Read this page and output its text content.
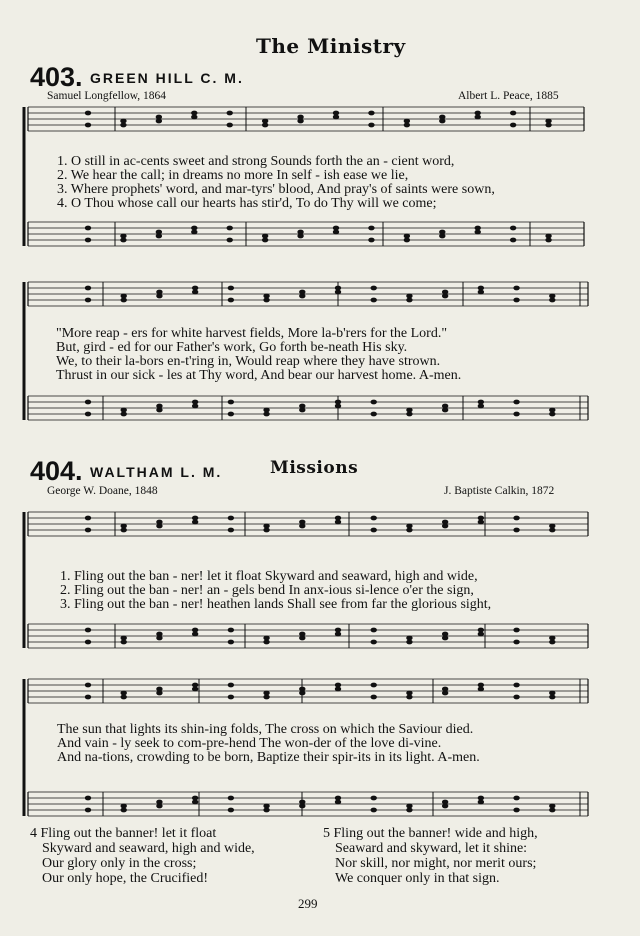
The Ministry
403. GREEN HILL C. M.
Samuel Longfellow, 1864	Albert L. Peace, 1885
1. O still in ac-cents sweet and strong Sounds forth the an - cient word,
2. We hear the call; in dreams no more In self - ish ease we lie,
3. Where prophets' word, and mar-tyrs' blood, And pray's of saints were sown,
4. O Thou whose call our hearts has stir'd, To do Thy will we come;
"More reap - ers for white harvest fields, More la-b'rers for the Lord."
But, gird - ed for our Father's work, Go forth be-neath His sky.
We, to their la-bors en-t'ring in, Would reap where they have strown.
Thrust in our sick - les at Thy word, And bear our harvest home. A-men.
404. WALTHAM L. M.	Missions
George W. Doane, 1848	J. Baptiste Calkin, 1872
1. Fling out the ban - ner! let it float Skyward and seaward, high and wide,
2. Fling out the ban - ner! an - gels bend In anx-ious si-lence o'er the sign,
3. Fling out the ban - ner! heathen lands Shall see from far the glorious sight,
The sun that lights its shin-ing folds, The cross on which the Saviour died.
And vain - ly seek to com-pre-hend The won-der of the love di-vine.
And na-tions, crowding to be born, Baptize their spir-its in its light. A-men.
4 Fling out the banner! let it float
Skyward and seaward, high and wide,
Our glory only in the cross;
Our only hope, the Crucified!
5 Fling out the banner! wide and high,
Seaward and skyward, let it shine:
Nor skill, nor might, nor merit ours;
We conquer only in that sign.
299
